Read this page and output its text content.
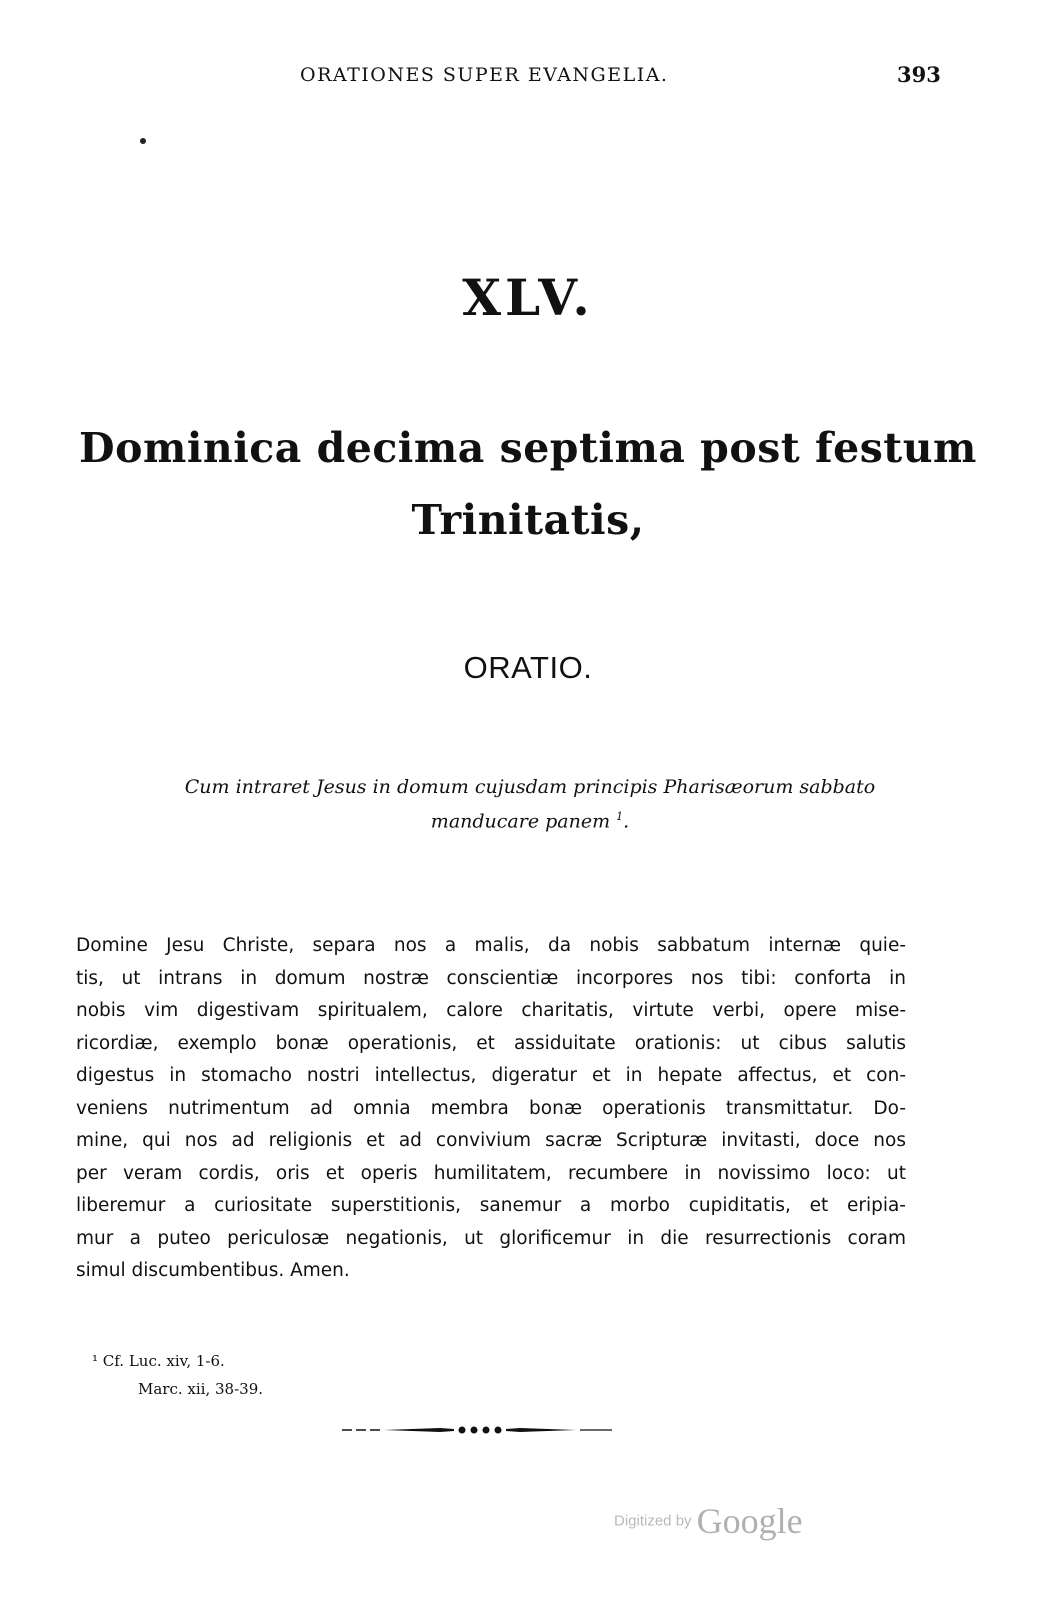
ORATIONES SUPER EVANGELIA.	393
XLV.
Dominica decima septima post festum
Trinitatis,
ORATIO.
Cum intraret Jesus in domum cujusdam principis Pharisæorum sabbato
manducare panem $^1$.
Domine Jesu Christe, separa nos a malis, da nobis sabbatum internæ quie-
tis, ut intrans in domum nostræ conscientiæ incorpores nos tibi: conforta in
nobis vim digestivam spiritualem, calore charitatis, virtute verbi, opere mise-
ricordiæ, exemplo bonæ operationis, et assiduitate orationis: ut cibus salutis
digestus in stomacho nostri intellectus, digeratur et in hepate affectus, et con-
veniens nutrimentum ad omnia membra bonæ operationis transmittatur. Do-
mine, qui nos ad religionis et ad convivium sacræ Scripturæ invitasti, doce nos
per veram cordis, oris et operis humilitatem, recumbere in novissimo loco: ut
liberemur a curiositate superstitionis, sanemur a morbo cupiditatis, et eripia-
mur a puteo periculosæ negationis, ut glorificemur in die resurrectionis coram
simul discumbentibus. Amen.
¹ Cf. Luc. xiv, 1-6.
Marc. xii, 38-39.
Digitized by Google
